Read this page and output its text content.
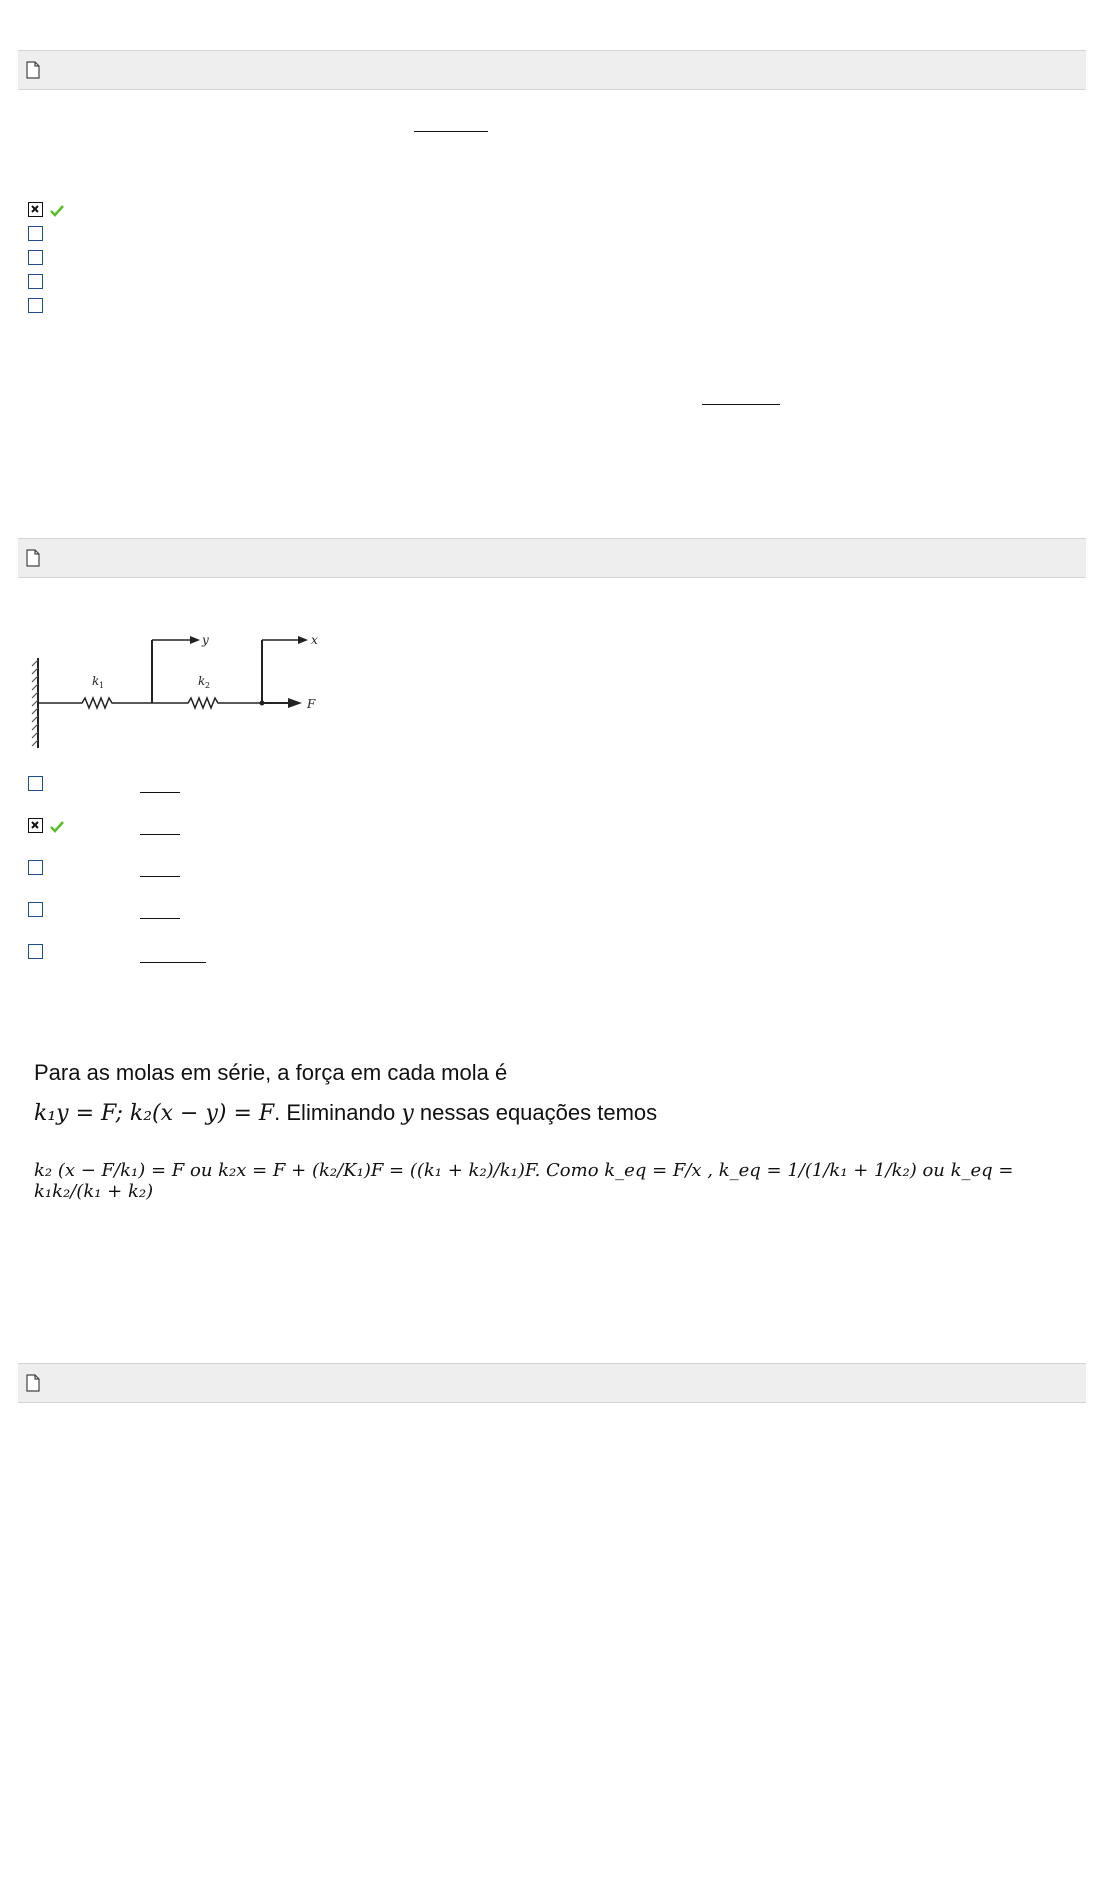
y	x
k 1	k 2
F
Para as molas em série, a força em cada mola é
k₁y = F; k₂(x − y) = F. Eliminando y nessas equações temos
k₂ (x − F/k₁) = F ou k₂x = F + (k₂/K₁)F = ((k₁ + k₂)/k₁)F. Como k_eq = F/x , k_eq = 1/(1/k₁ + 1/k₂) ou k_eq = k₁k₂/(k₁ + k₂)
